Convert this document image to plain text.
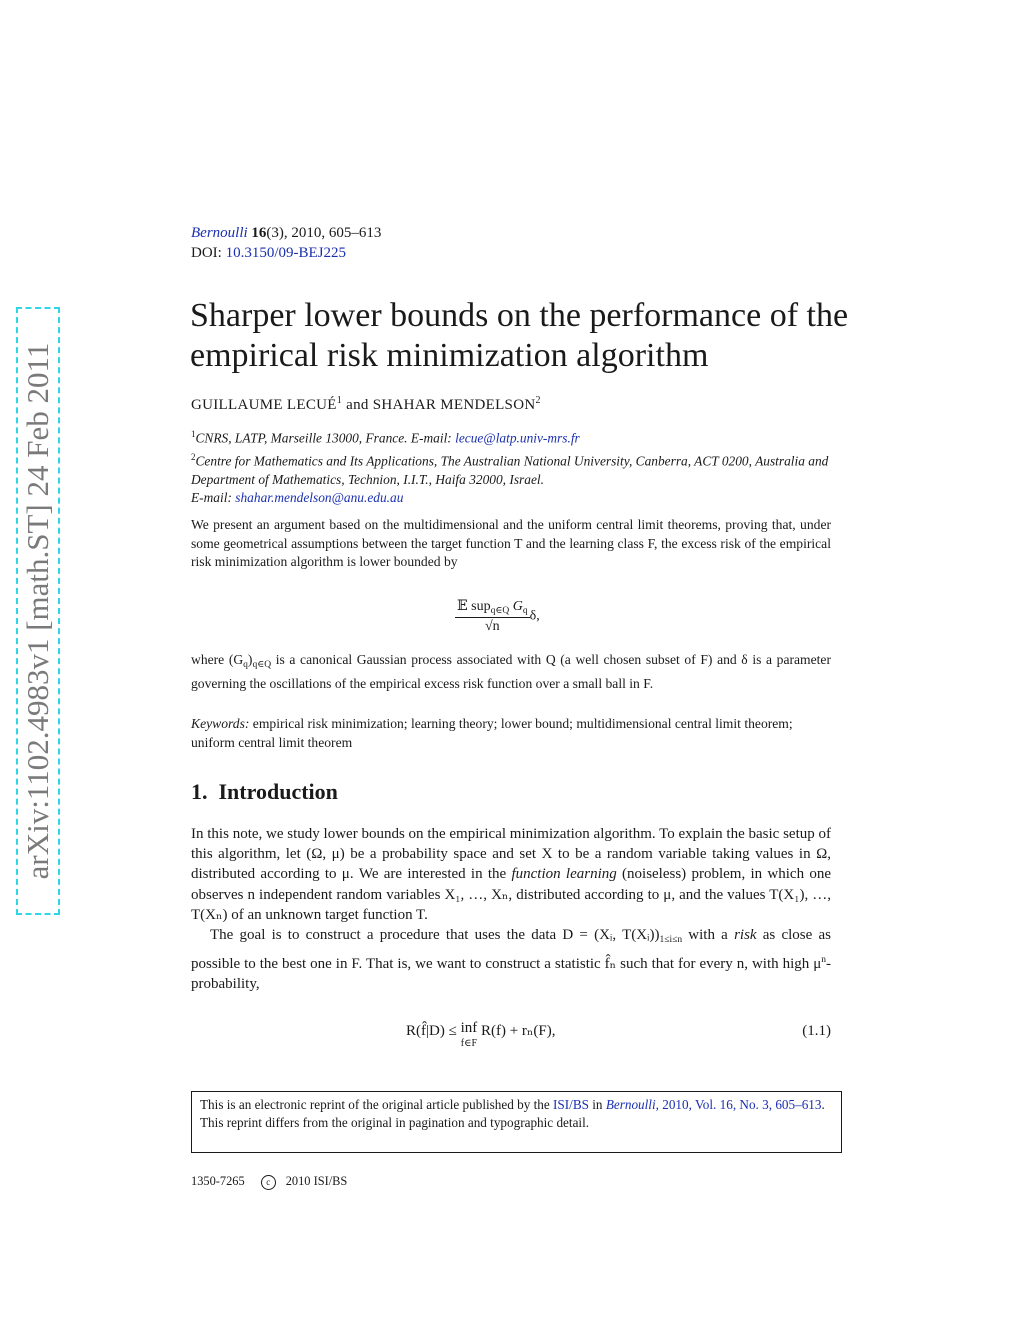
arXiv:1102.4983v1 [math.ST] 24 Feb 2011
Bernoulli 16(3), 2010, 605–613
DOI: 10.3150/09-BEJ225
Sharper lower bounds on the performance of the empirical risk minimization algorithm
GUILLAUME LECUÉ$^1$ and SHAHAR MENDELSON$^2$
$^1$CNRS, LATP, Marseille 13000, France. E-mail: lecue@latp.univ-mrs.fr
$^2$Centre for Mathematics and Its Applications, The Australian National University, Canberra, ACT 0200, Australia and Department of Mathematics, Technion, I.I.T., Haifa 32000, Israel.
E-mail: shahar.mendelson@anu.edu.au

We present an argument based on the multidimensional and the uniform central limit theorems, proving that, under some geometrical assumptions between the target function T and the learning class F, the excess risk of the empirical risk minimization algorithm is lower bounded by

$\frac{𝔼 sup_{q\in Q} G_q}{√n} \delta$,
where $(G_q)_{q\in Q}$ is a canonical Gaussian process associated with Q (a well chosen subset of F) and δ is a parameter governing the oscillations of the empirical excess risk function over a small ball in F.
Keywords: empirical risk minimization; learning theory; lower bound; multidimensional central limit theorem; uniform central limit theorem
1. Introduction

In this note, we study lower bounds on the empirical minimization algorithm. To explain the basic setup of this algorithm, let (Ω, μ) be a probability space and set X to be a random variable taking values in Ω, distributed according to μ. We are interested in the function learning (noiseless) problem, in which one observes n independent random variables X₁, …, Xₙ, distributed according to μ, and the values T(X₁), …, T(Xₙ) of an unknown target function T.

The goal is to construct a procedure that uses the data D = (Xᵢ, $T(Xᵢ))_{1\le i\le n}$ with a risk as close as possible to the best one in F. That is, we want to construct a statistic f̂ₙ such that for every n, with high $\mu^n$-probability,

R(f̂|D) ≤ inf
f∈F
R(f) + rₙ(F),	(1.1)
This is an electronic reprint of the original article published by the ISI/BS in Bernoulli, 2010, Vol. 16, No. 3, 605–613. This reprint differs from the original in pagination and typographic detail.
1350-7265 c 2010 ISI/BS
